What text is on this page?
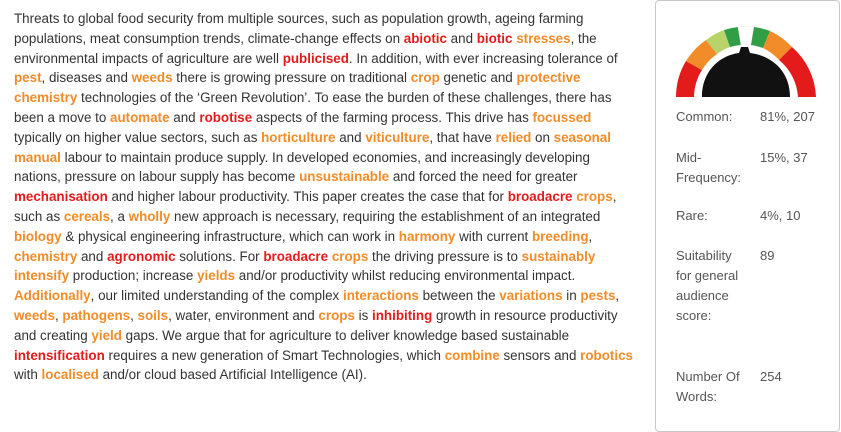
Threats to global food security from multiple sources, such as population growth, ageing farming populations, meat consumption trends, climate-change effects on abiotic and biotic stresses, the environmental impacts of agriculture are well publicised. In addition, with ever increasing tolerance of pest, diseases and weeds there is growing pressure on traditional crop genetic and protective chemistry technologies of the ‘Green Revolution’. To ease the burden of these challenges, there has been a move to automate and robotise aspects of the farming process. This drive has focussed typically on higher value sectors, such as horticulture and viticulture, that have relied on seasonal manual labour to maintain produce supply. In developed economies, and increasingly developing nations, pressure on labour supply has become unsustainable and forced the need for greater mechanisation and higher labour productivity. This paper creates the case that for broadacre crops, such as cereals, a wholly new approach is necessary, requiring the establishment of an integrated biology & physical engineering infrastructure, which can work in harmony with current breeding, chemistry and agronomic solutions. For broadacre crops the driving pressure is to sustainably intensify production; increase yields and/or productivity whilst reducing environmental impact. Additionally, our limited understanding of the complex interactions between the variations in pests, weeds, pathogens, soils, water, environment and crops is inhibiting growth in resource productivity and creating yield gaps. We argue that for agriculture to deliver knowledge based sustainable intensification requires a new generation of Smart Technologies, which combine sensors and robotics with localised and/or cloud based Artificial Intelligence (AI).
Common:	81%, 207
Mid-Frequency:
15%, 37
Rare:	4%, 10
Suitability for general audience score:
89
Number Of Words:
254
